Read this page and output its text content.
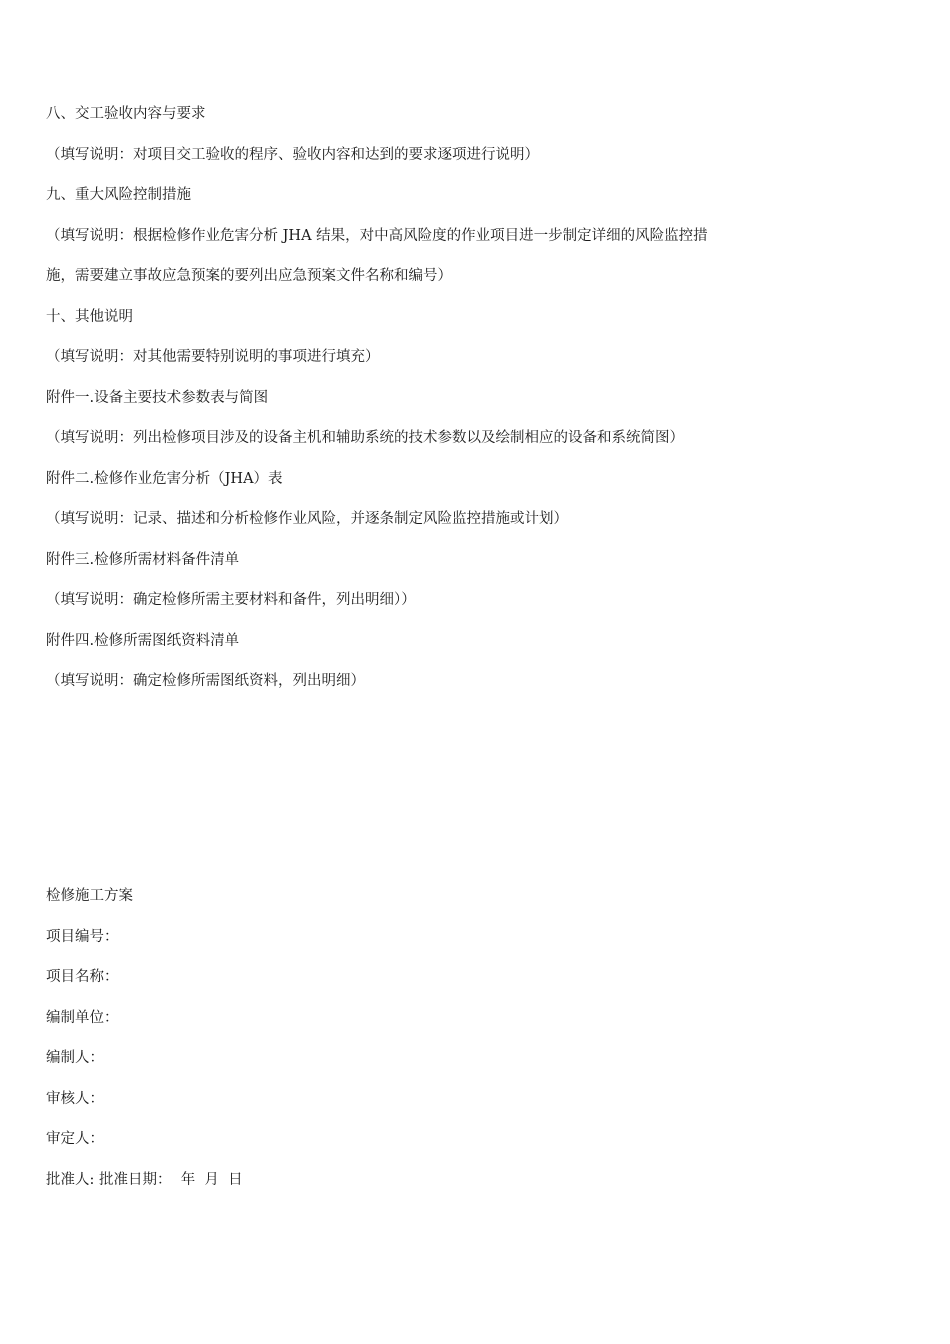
八、交工验收内容与要求
（填写说明：对项目交工验收的程序、验收内容和达到的要求逐项进行说明）
九、重大风险控制措施
（填写说明：根据检修作业危害分析 JHA 结果，对中高风险度的作业项目进一步制定详细的风险监控措
施，需要建立事故应急预案的要列出应急预案文件名称和编号）
十、其他说明
（填写说明：对其他需要特别说明的事项进行填充）
附件一.设备主要技术参数表与简图
（填写说明：列出检修项目涉及的设备主机和辅助系统的技术参数以及绘制相应的设备和系统简图）
附件二.检修作业危害分析（JHA）表
（填写说明：记录、描述和分析检修作业风险，并逐条制定风险监控措施或计划）
附件三.检修所需材料备件清单
（填写说明：确定检修所需主要材料和备件，列出明细））
附件四.检修所需图纸资料清单
（填写说明：确定检修所需图纸资料，列出明细）
检修施工方案
项目编号：
项目名称：
编制单位：
编制人：
审核人：
审定人：
批准人: 批准日期：  年  月  日
